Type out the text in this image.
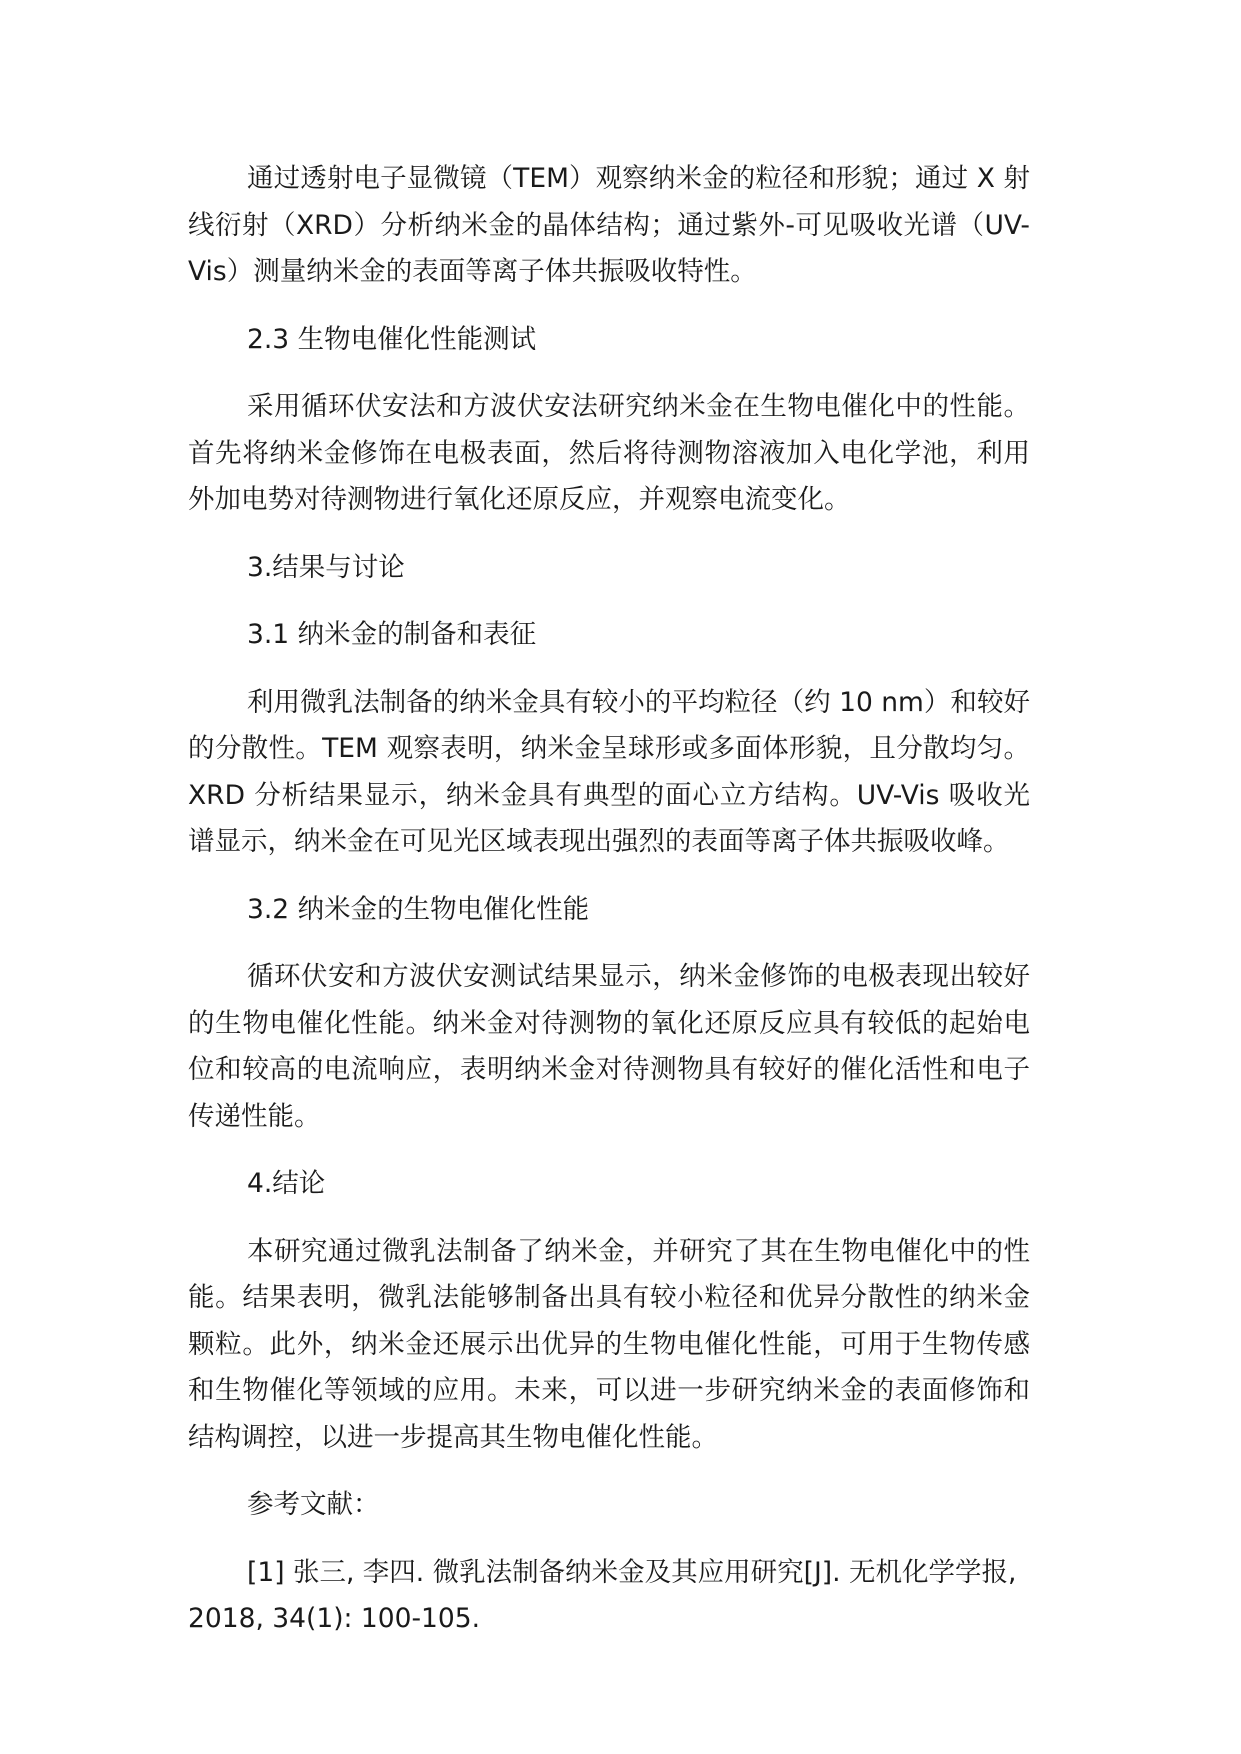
通过透射电子显微镜（TEM）观察纳米金的粒径和形貌；通过 X 射线衍射（XRD）分析纳米金的晶体结构；通过紫外-可见吸收光谱（UV-Vis）测量纳米金的表面等离子体共振吸收特性。

2.3 生物电催化性能测试

采用循环伏安法和方波伏安法研究纳米金在生物电催化中的性能。首先将纳米金修饰在电极表面，然后将待测物溶液加入电化学池，利用外加电势对待测物进行氧化还原反应，并观察电流变化。

3.结果与讨论

3.1 纳米金的制备和表征

利用微乳法制备的纳米金具有较小的平均粒径（约 10 nm）和较好的分散性。TEM 观察表明，纳米金呈球形或多面体形貌，且分散均匀。XRD 分析结果显示，纳米金具有典型的面心立方结构。UV-Vis 吸收光谱显示，纳米金在可见光区域表现出强烈的表面等离子体共振吸收峰。

3.2 纳米金的生物电催化性能

循环伏安和方波伏安测试结果显示，纳米金修饰的电极表现出较好的生物电催化性能。纳米金对待测物的氧化还原反应具有较低的起始电位和较高的电流响应，表明纳米金对待测物具有较好的催化活性和电子传递性能。

4.结论

本研究通过微乳法制备了纳米金，并研究了其在生物电催化中的性能。结果表明，微乳法能够制备出具有较小粒径和优异分散性的纳米金颗粒。此外，纳米金还展示出优异的生物电催化性能，可用于生物传感和生物催化等领域的应用。未来，可以进一步研究纳米金的表面修饰和结构调控，以进一步提高其生物电催化性能。

参考文献：

[1] 张三, 李四. 微乳法制备纳米金及其应用研究[J]. 无机化学学报, 2018, 34(1): 100-105.
